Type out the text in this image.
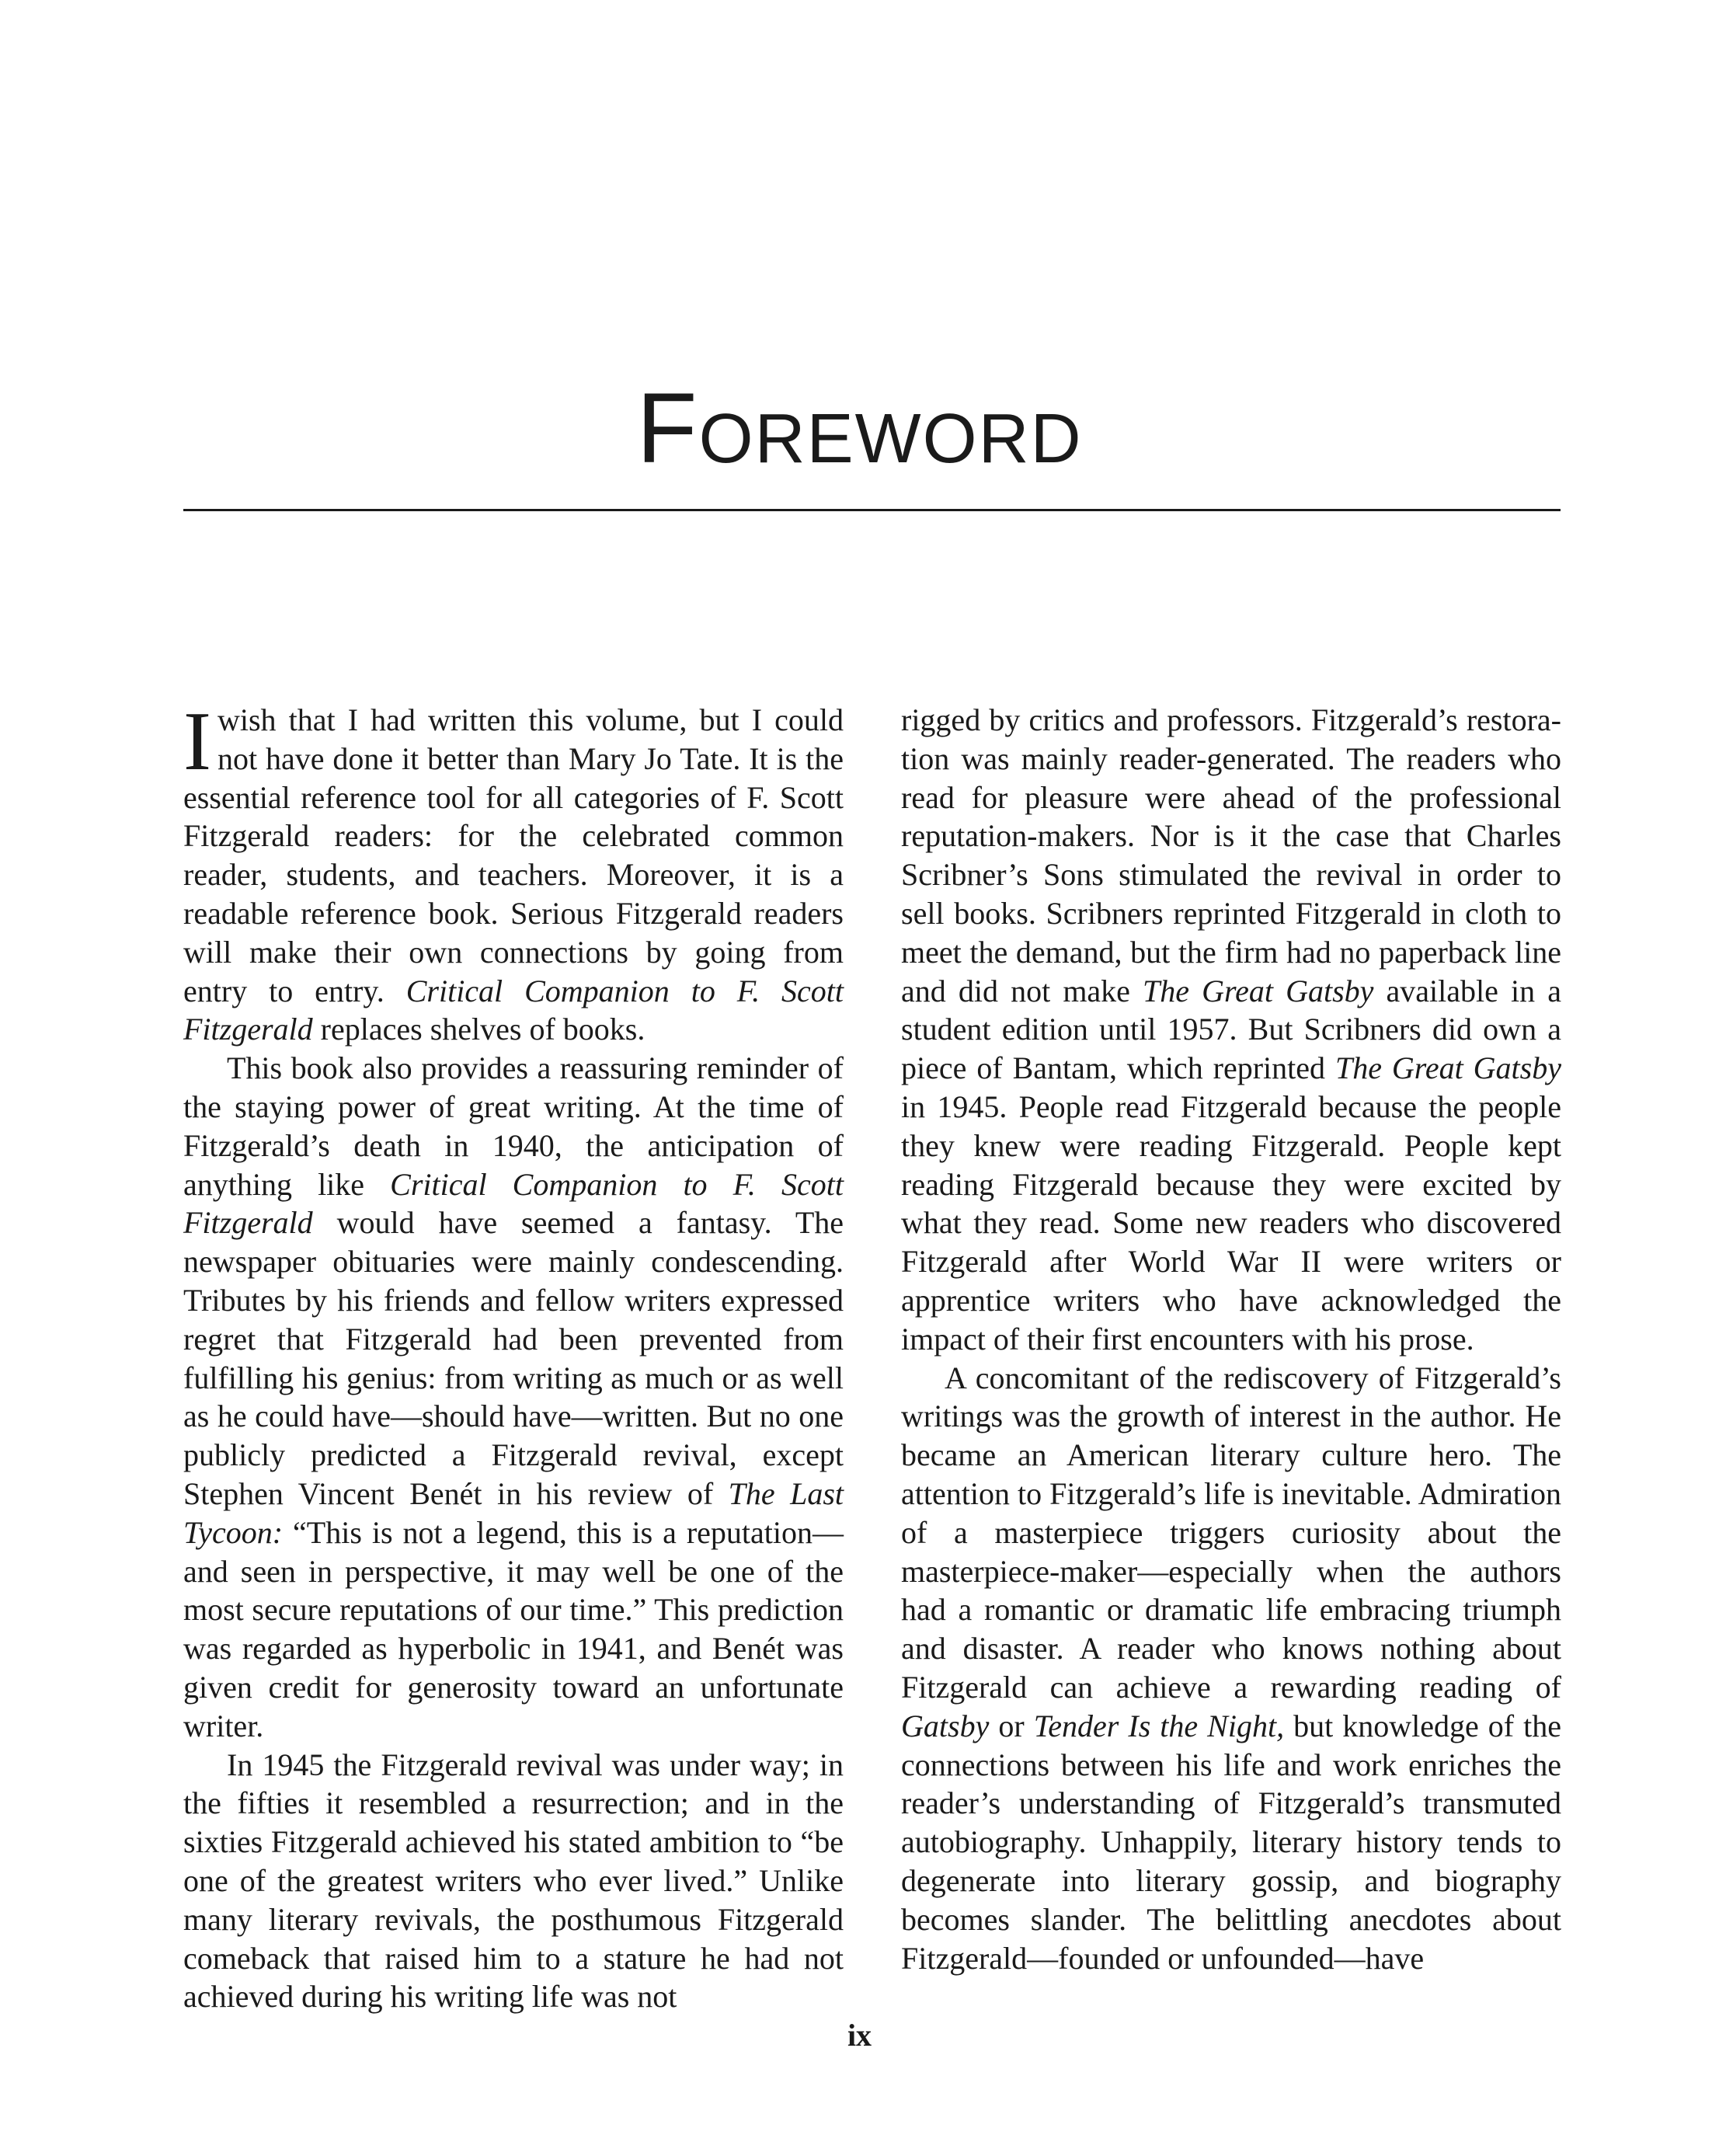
Foreword

Iwish that I had written this volume, but I could not have done it better than Mary Jo Tate. It is the essential reference tool for all categories of F. Scott Fitzgerald readers: for the celebrated common reader, students, and teachers. Moreover, it is a readable reference book. Serious Fitzgerald readers will make their own connections by going from entry to entry. Critical Companion to F. Scott Fitzgerald replaces shelves of books.

This book also provides a reassuring reminder of the staying power of great writing. At the time of Fitzgerald’s death in 1940, the anticipation of anything like Critical Companion to F. Scott Fitzgerald would have seemed a fantasy. The newspaper obituaries were mainly condescending. Tributes by his friends and fellow writers expressed regret that Fitzgerald had been prevented from fulfilling his genius: from writing as much or as well as he could have—should have—written. But no one publicly predicted a Fitzgerald revival, except Stephen Vincent Benét in his review of The Last Tycoon: “This is not a legend, this is a reputation—and seen in perspective, it may well be one of the most secure reputations of our time.” This prediction was regarded as hyperbolic in 1941, and Benét was given credit for generosity toward an unfortunate writer.

In 1945 the Fitzgerald revival was under way; in the fifties it resembled a resurrection; and in the sixties Fitzgerald achieved his stated ambition to “be one of the greatest writers who ever lived.” Unlike many literary revivals, the posthumous Fitzgerald comeback that raised him to a stature he had not achieved during his writing life was not

rigged by critics and professors. Fitzgerald’s restoration was mainly reader-generated. The readers who read for pleasure were ahead of the professional reputation-makers. Nor is it the case that Charles Scribner’s Sons stimulated the revival in order to sell books. Scribners reprinted Fitzgerald in cloth to meet the demand, but the firm had no paperback line and did not make The Great Gatsby available in a student edition until 1957. But Scribners did own a piece of Bantam, which reprinted The Great Gatsby in 1945. People read Fitzgerald because the people they knew were reading Fitzgerald. People kept reading Fitzgerald because they were excited by what they read. Some new readers who discovered Fitzgerald after World War II were writers or apprentice writers who have acknowledged the impact of their first encounters with his prose.

A concomitant of the rediscovery of Fitzgerald’s writings was the growth of interest in the author. He became an American literary culture hero. The attention to Fitzgerald’s life is inevitable. Admiration of a masterpiece triggers curiosity about the masterpiece-maker—especially when the authors had a romantic or dramatic life embracing triumph and disaster. A reader who knows nothing about Fitzgerald can achieve a rewarding reading of Gatsby or Tender Is the Night, but knowledge of the connections between his life and work enriches the reader’s understanding of Fitzgerald’s transmuted autobiography. Unhappily, literary history tends to degenerate into literary gossip, and biography becomes slander. The belittling anecdotes about Fitzgerald—founded or unfounded—have

ix
